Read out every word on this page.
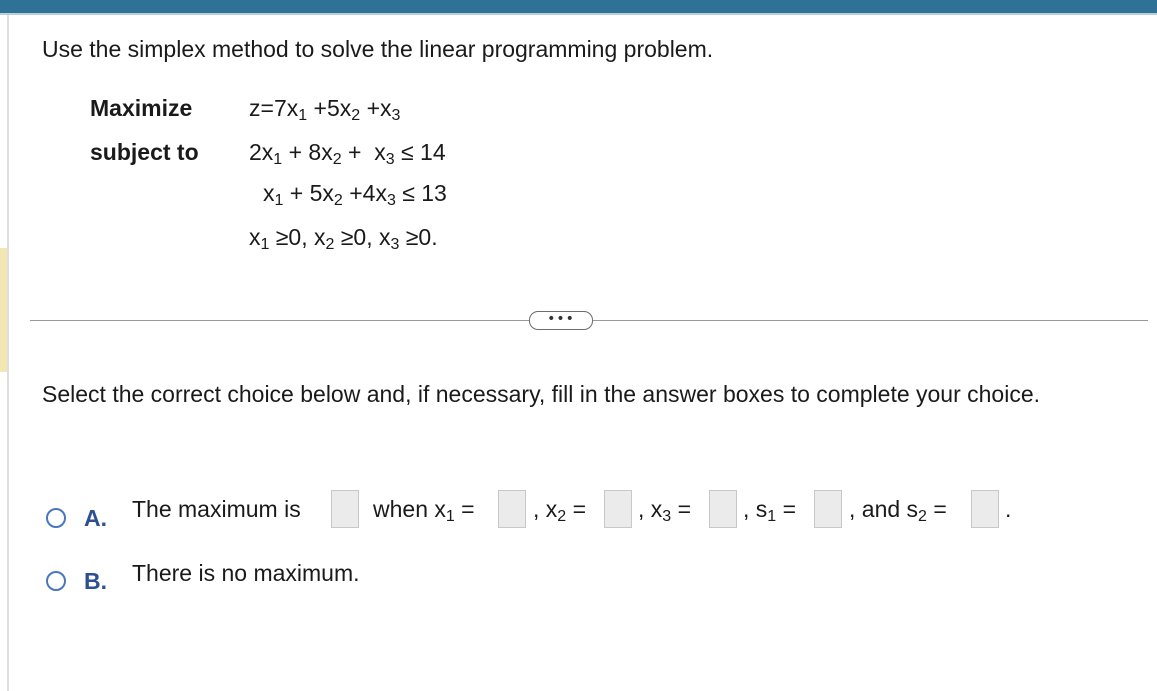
Use the simplex method to solve the linear programming problem.
Maximize
subject to
$z=7x_1 +5x_2 +x_3$
$2x_1 + 8x_2 + x_3 \le 14$
$x_1 + 5x_2 +4x_3 \le 13$
$x_1 \ge 0$, $x_2 \ge 0$, $x_3 \ge 0$.
•••
Select the correct choice below and, if necessary, fill in the answer boxes to complete your choice.
A. The maximum is	when $x_1$ =	, $x_2$ = , $x_3$ = , $s_1$ = , and $s_2$ =	.
B. There is no maximum.
